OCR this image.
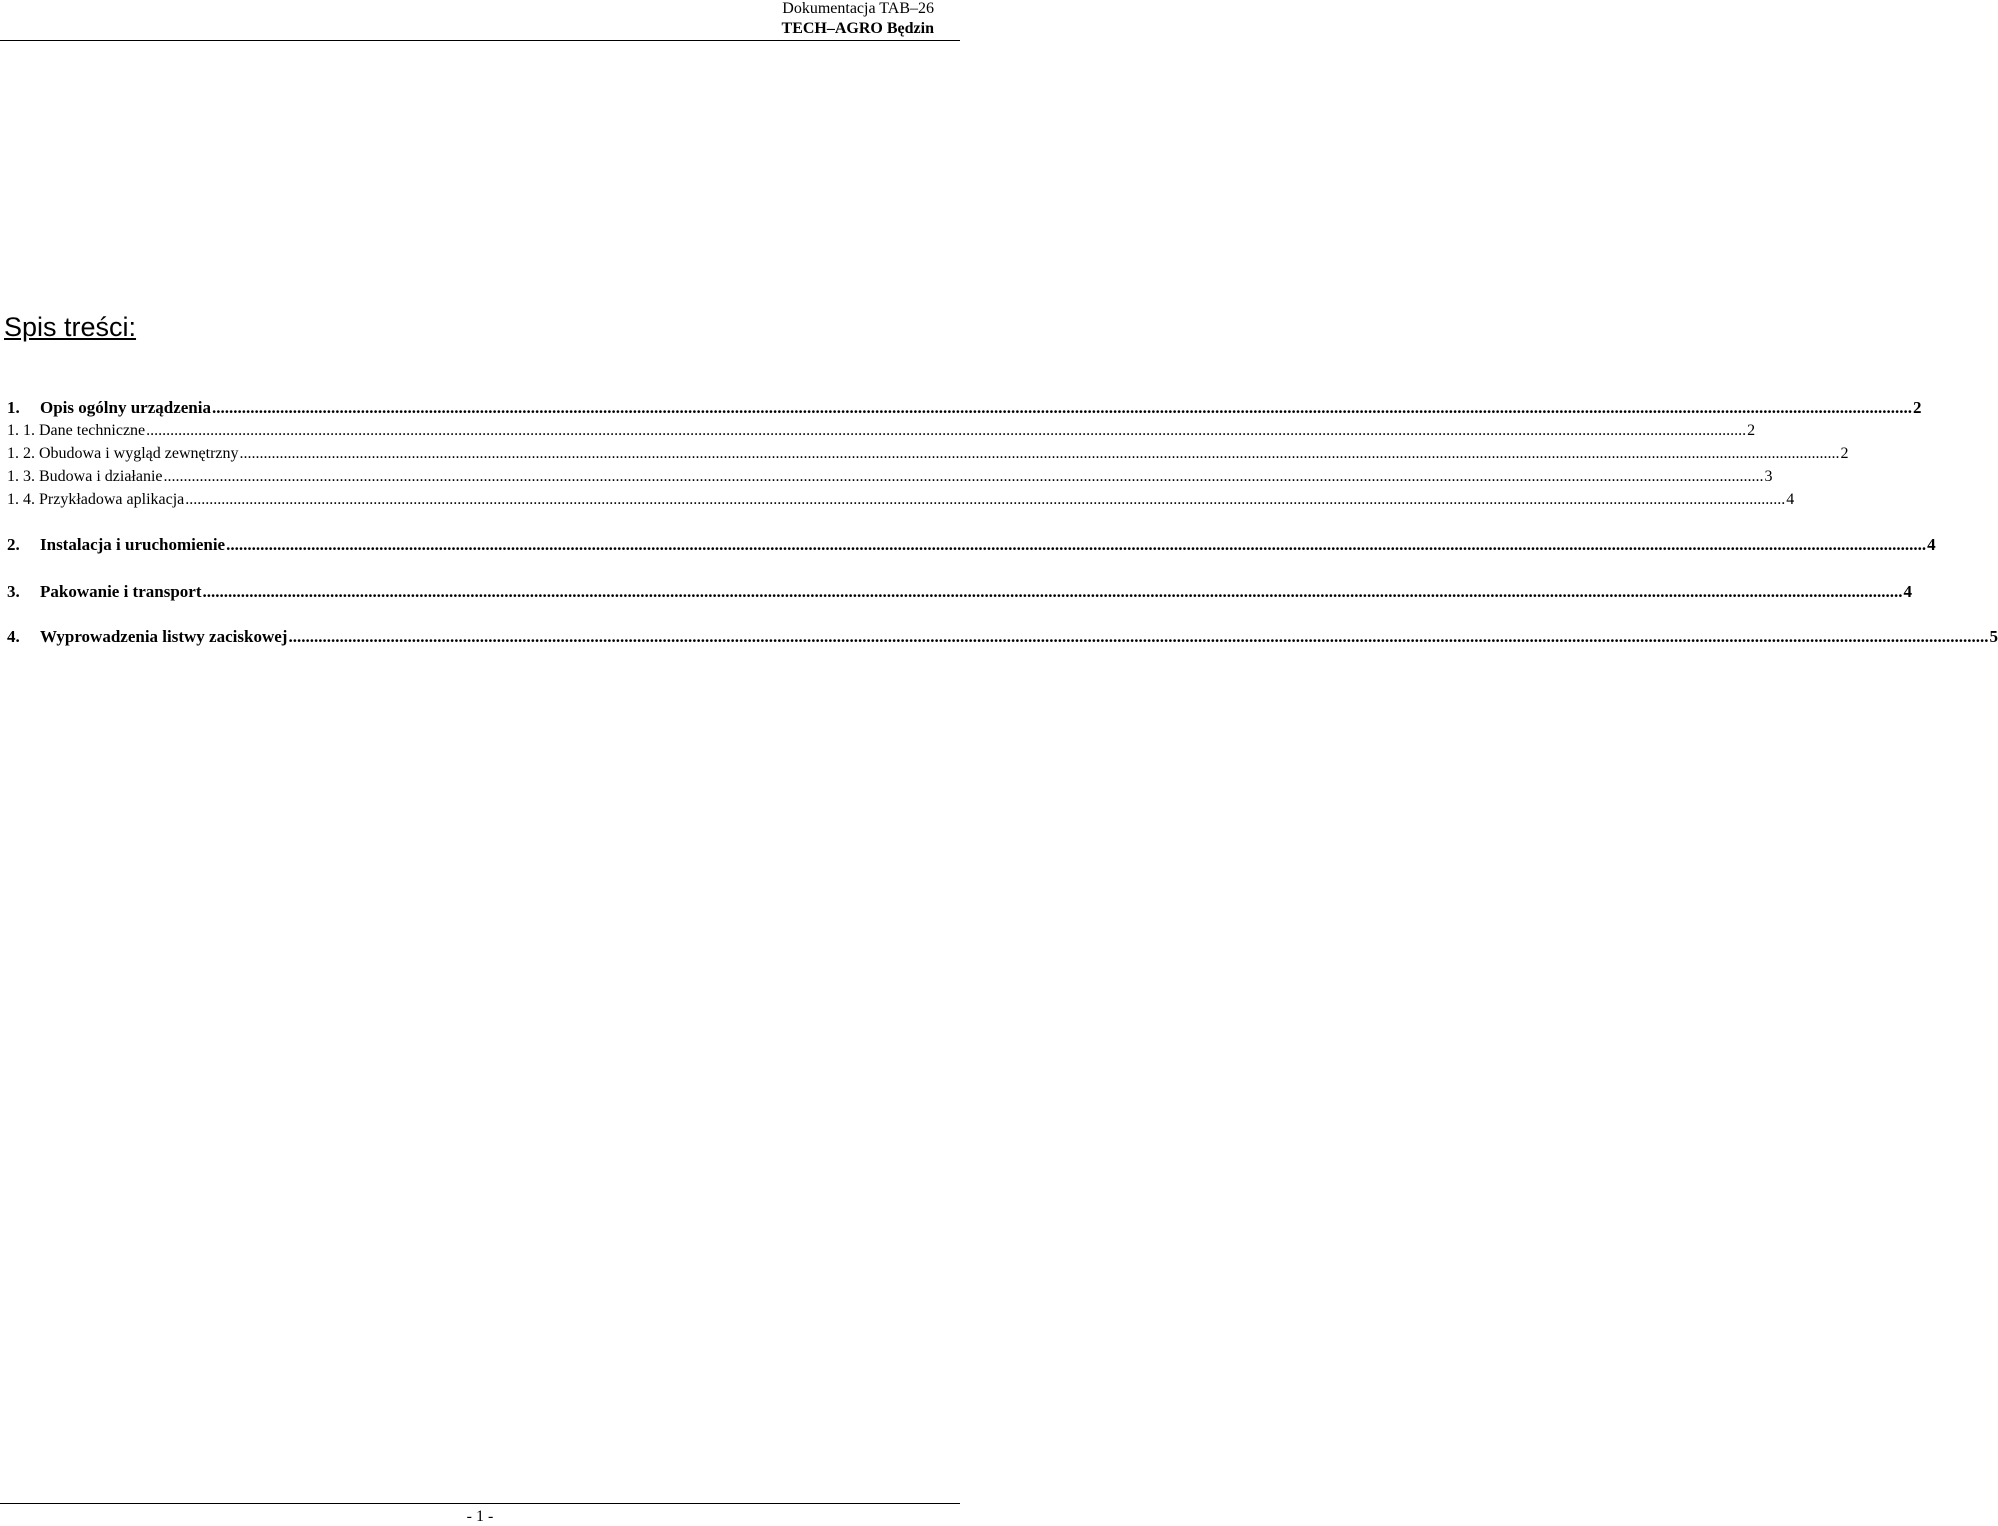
Dokumentacja TAB–26
TECH–AGRO Będzin
Spis treści:
1.	Opis ogólny urządzenia ................................................................................................................................................................................................................................................................................................................................................................................................................ 2
1. 1. Dane techniczne ................................................................................................................................................................................................................................................................................................................................................................................................................ 2
1. 2. Obudowa i wygląd zewnętrzny ................................................................................................................................................................................................................................................................................................................................................................................................................ 2
1. 3. Budowa i działanie ................................................................................................................................................................................................................................................................................................................................................................................................................ 3
1. 4. Przykładowa aplikacja ................................................................................................................................................................................................................................................................................................................................................................................................................ 4
2.	Instalacja i uruchomienie ................................................................................................................................................................................................................................................................................................................................................................................................................ 4
3.	Pakowanie i transport ................................................................................................................................................................................................................................................................................................................................................................................................................ 4
4.	Wyprowadzenia listwy zaciskowej ................................................................................................................................................................................................................................................................................................................................................................................................................ 5
- 1 -
